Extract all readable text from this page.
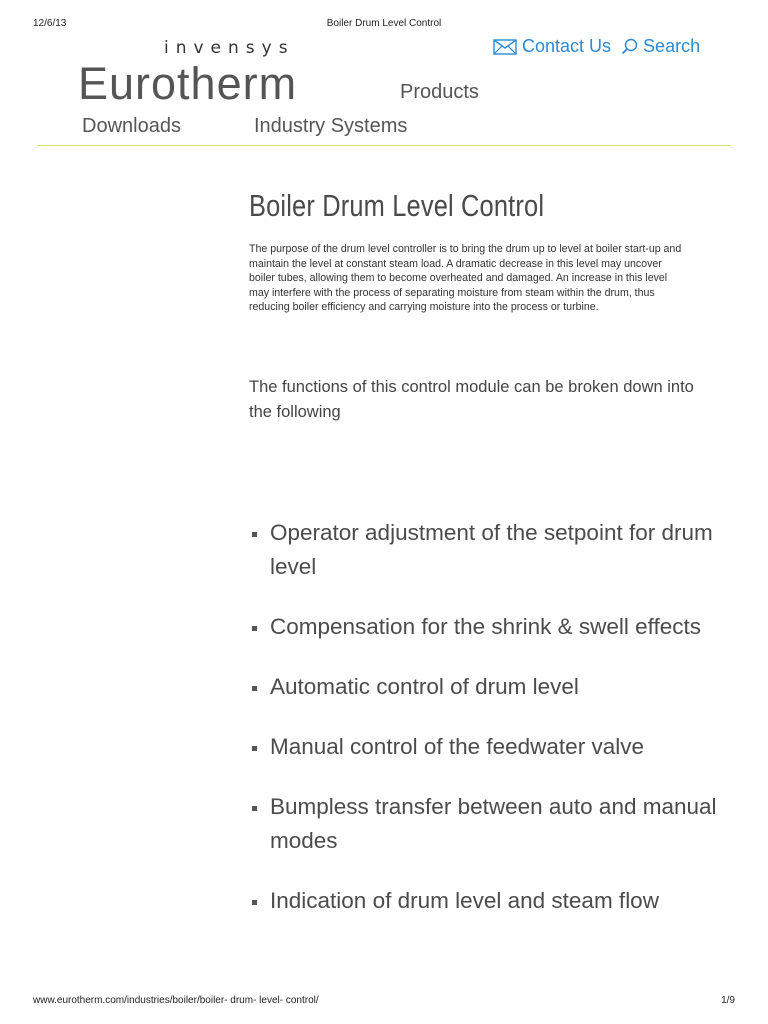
12/6/13	Boiler Drum Level Control
invensys
Eurotherm
Contact Us Search
Products
Downloads	Industry Systems
Boiler Drum Level Control

The purpose of the drum level controller is to bring the drum up to level at boiler start-up and maintain the level at constant steam load. A dramatic decrease in this level may uncover boiler tubes, allowing them to become overheated and damaged. An increase in this level may interfere with the process of separating moisture from steam within the drum, thus reducing boiler efficiency and carrying moisture into the process or turbine.

The functions of this control module can be broken down into the following

Operator adjustment of the setpoint for drum level
Compensation for the shrink & swell effects
Automatic control of drum level
Manual control of the feedwater valve
Bumpless transfer between auto and manual modes
Indication of drum level and steam flow
www.eurotherm.com/industries/boiler/boiler- drum- level- control/	1/9
